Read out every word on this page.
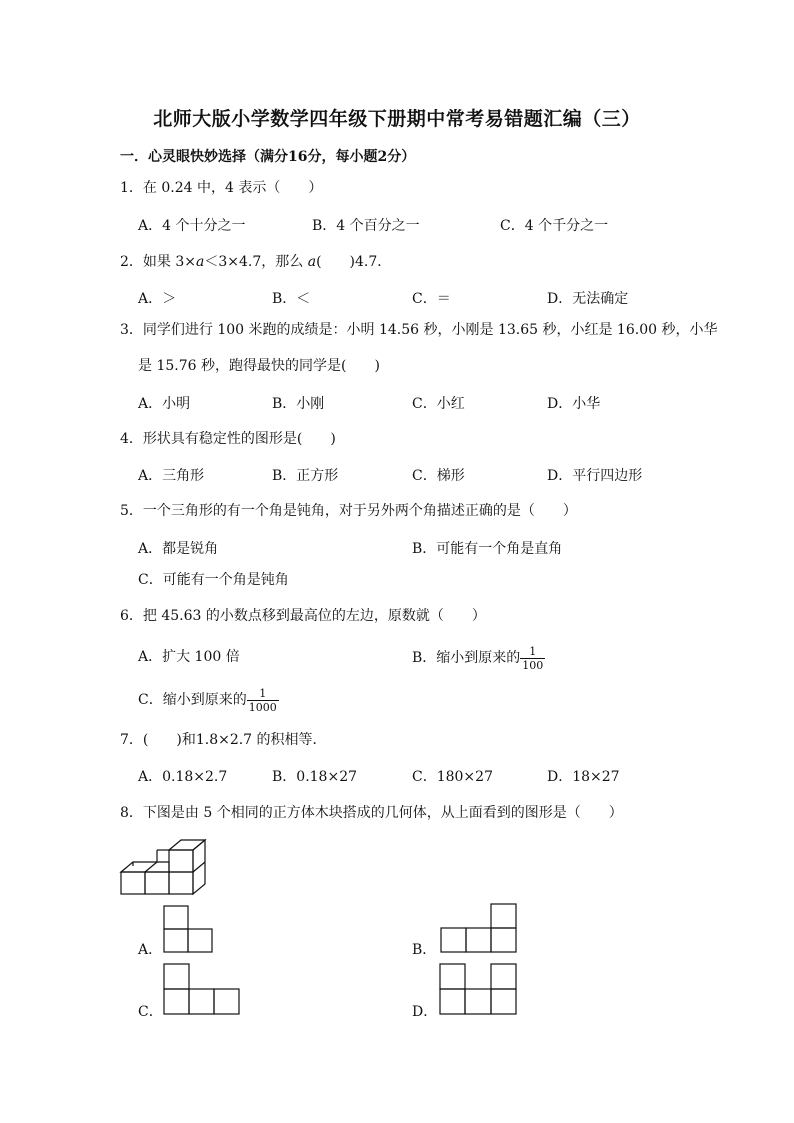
北师大版小学数学四年级下册期中常考易错题汇编（三）
一．心灵眼快妙选择（满分16分，每小题2分）
1．在 0.24 中，4 表示（　　）
A．4 个十分之一	B．4 个百分之一	C．4 个千分之一
2．如果 3×a＜3×4.7，那么 a(　　)4.7．
A．＞	B．＜	C．＝	D．无法确定
3．同学们进行 100 米跑的成绩是：小明 14.56 秒，小刚是 13.65 秒，小红是 16.00 秒，小华
是 15.76 秒，跑得最快的同学是(　　)
A．小明	B．小刚	C．小红	D．小华
4．形状具有稳定性的图形是(　　)
A．三角形	B．正方形	C．梯形	D．平行四边形
5．一个三角形的有一个角是钝角，对于另外两个角描述正确的是（　　）
A．都是锐角	B．可能有一个角是直角
C．可能有一个角是钝角
6．把 45.63 的小数点移到最高位的左边，原数就（　　）
A．扩大 100 倍	B．缩小到原来的 $\frac{1}{100}$
C．缩小到原来的 $\frac{1}{1000}$
7．(　　)和1.8×2.7 的积相等．
A．0.18×2.7	B．0.18×27	C．180×27	D．18×27
8．下图是由 5 个相同的正方体木块搭成的几何体，从上面看到的图形是（　　）
A．	B．
C．	D．
